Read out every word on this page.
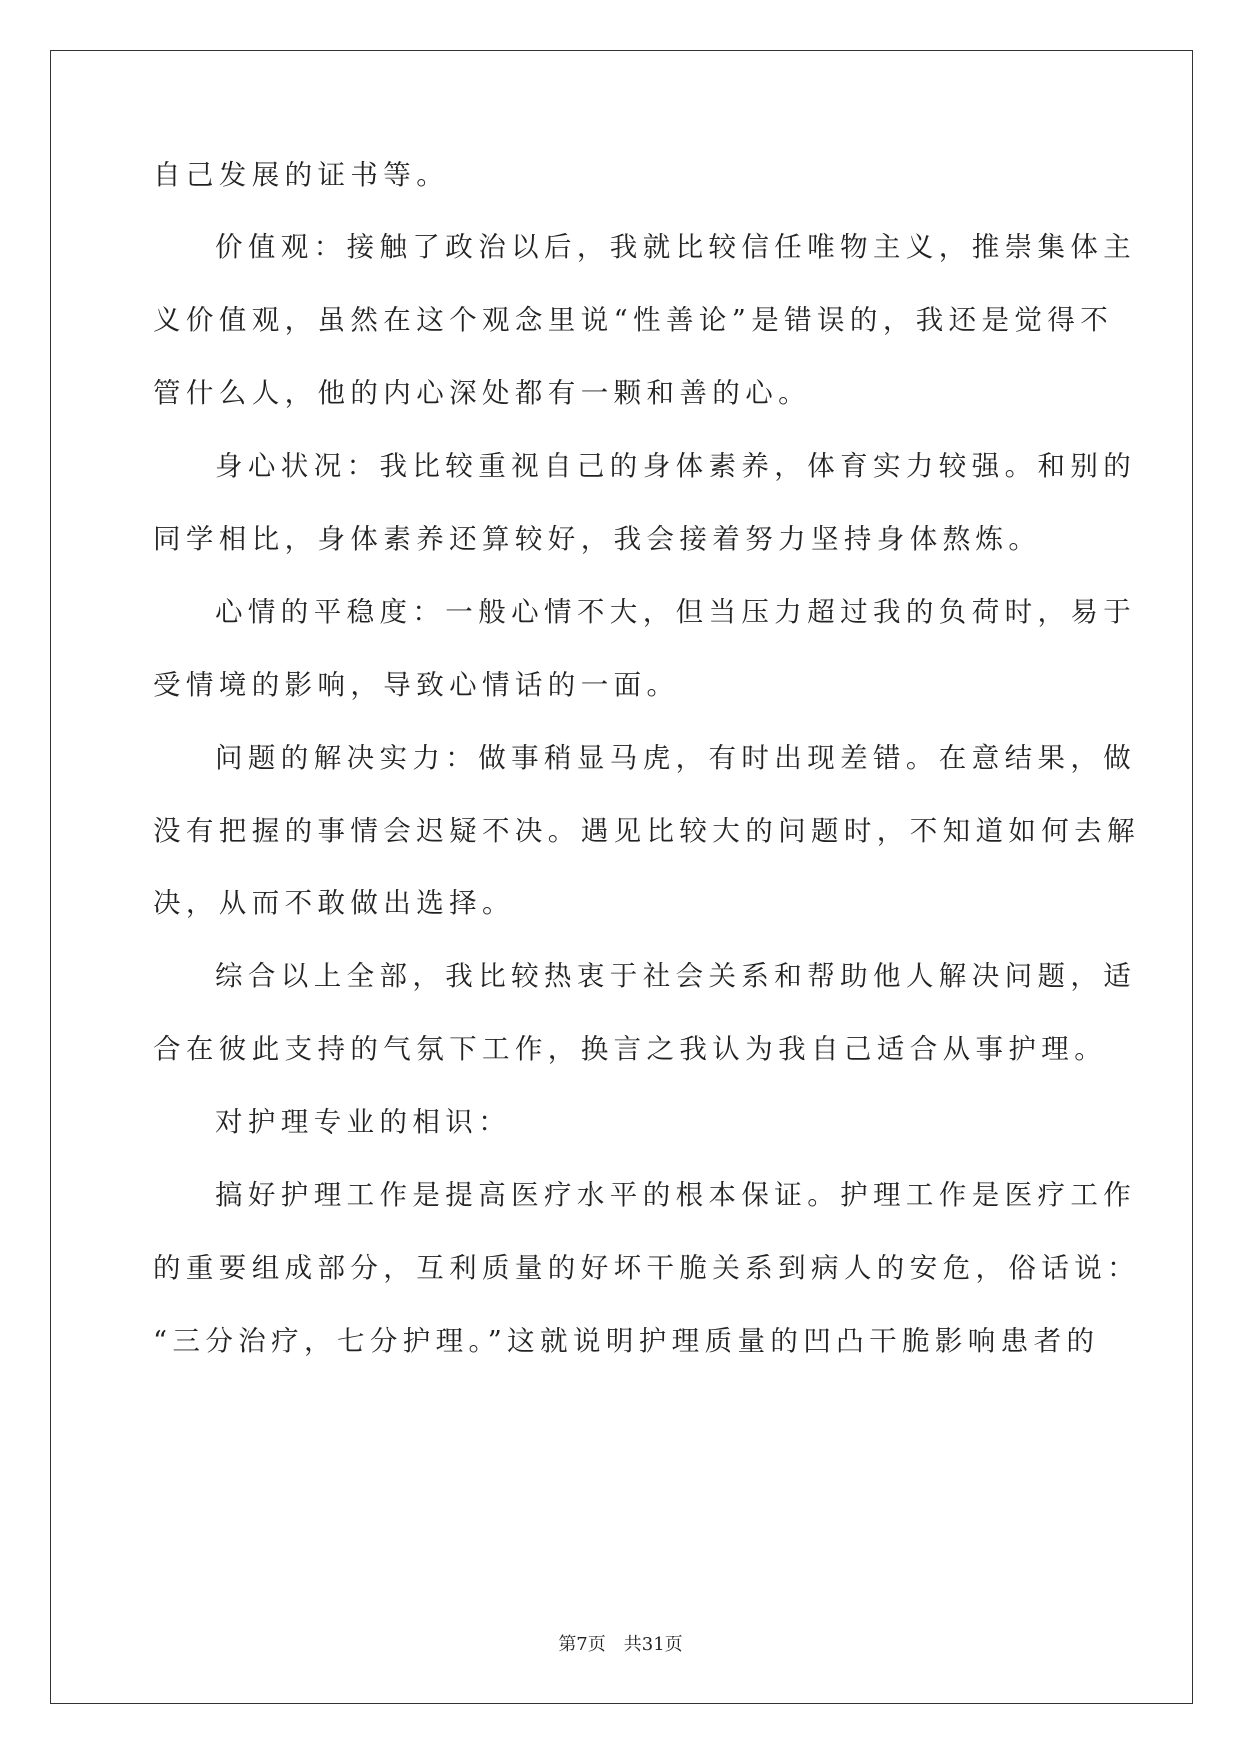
自己发展的证书等。
价值观：接触了政治以后，我就比较信任唯物主义，推崇集体主
义价值观，虽然在这个观念里说“性善论”是错误的，我还是觉得不
管什么人，他的内心深处都有一颗和善的心。
身心状况：我比较重视自己的身体素养，体育实力较强。和别的
同学相比，身体素养还算较好，我会接着努力坚持身体熬炼。
心情的平稳度：一般心情不大，但当压力超过我的负荷时，易于
受情境的影响，导致心情话的一面。
问题的解决实力：做事稍显马虎，有时出现差错。在意结果，做
没有把握的事情会迟疑不决。遇见比较大的问题时，不知道如何去解
决，从而不敢做出选择。
综合以上全部，我比较热衷于社会关系和帮助他人解决问题，适
合在彼此支持的气氛下工作，换言之我认为我自己适合从事护理。
对护理专业的相识：
搞好护理工作是提高医疗水平的根本保证。护理工作是医疗工作
的重要组成部分，互利质量的好坏干脆关系到病人的安危，俗话说：
“三分治疗，七分护理。”这就说明护理质量的凹凸干脆影响患者的
第7页　共31页
